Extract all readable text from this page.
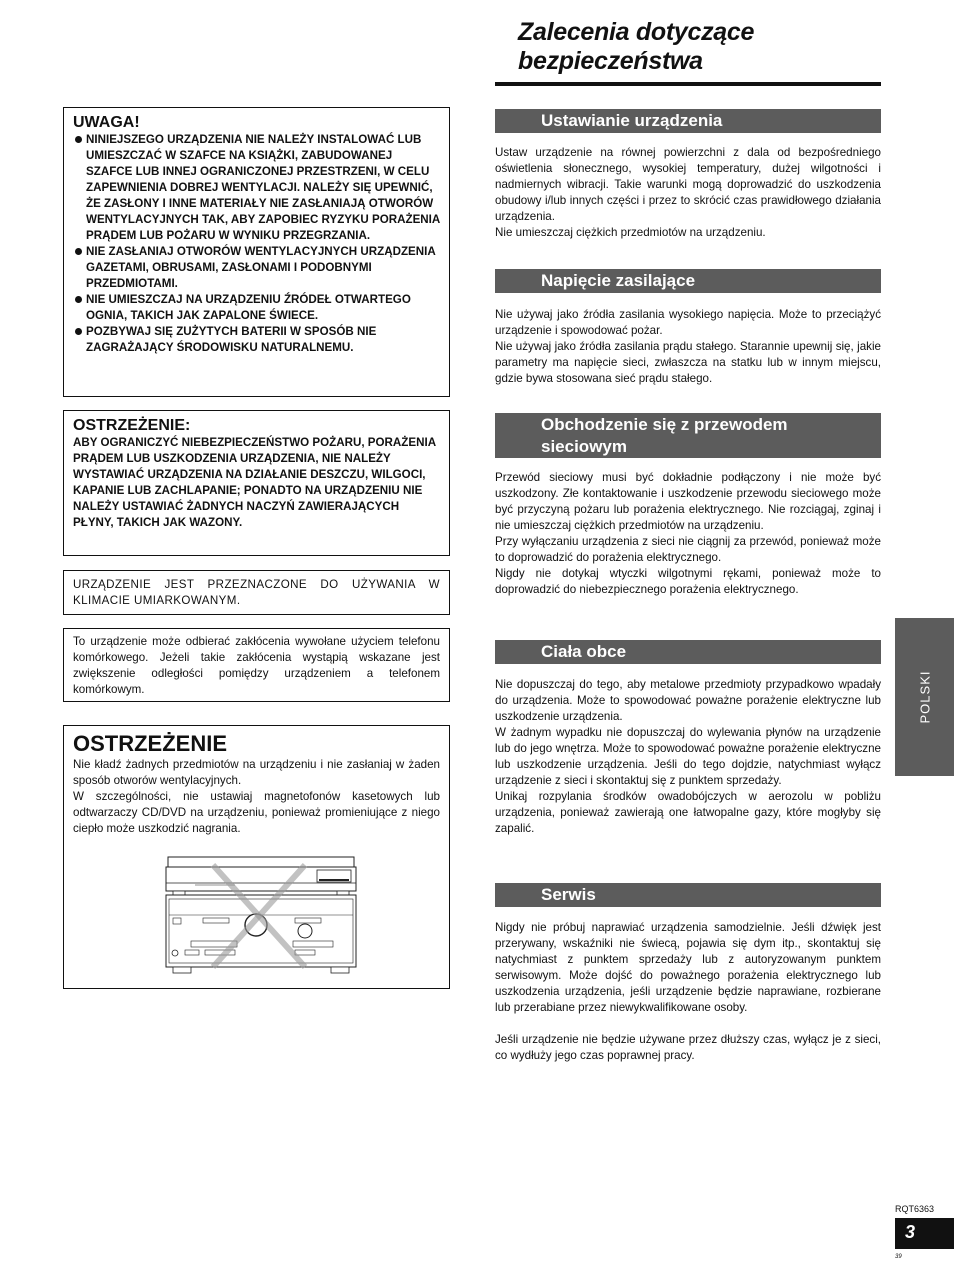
Zalecenia dotyczące bezpieczeństwa
UWAGA!
NINIEJSZEGO URZĄDZENIA NIE NALEŻY INSTALOWAĆ LUB UMIESZCZAĆ W SZAFCE NA KSIĄŻKI, ZABUDOWANEJ SZAFCE LUB INNEJ OGRANICZONEJ PRZESTRZENI, W CELU ZAPEWNIENIA DOBREJ WENTYLACJI. NALEŻY SIĘ UPEWNIĆ, ŻE ZASŁONY I INNE MATERIAŁY NIE ZASŁANIAJĄ OTWORÓW WENTYLACYJNYCH TAK, ABY ZAPOBIEC RYZYKU PORAŻENIA PRĄDEM LUB POŻARU W WYNIKU PRZEGRZANIA.
NIE ZASŁANIAJ OTWORÓW WENTYLACYJNYCH URZĄDZENIA GAZETAMI, OBRUSAMI, ZASŁONAMI I PODOBNYMI PRZEDMIOTAMI.
NIE UMIESZCZAJ NA URZĄDZENIU ŹRÓDEŁ OTWARTEGO OGNIA, TAKICH JAK ZAPALONE ŚWIECE.
POZBYWAJ SIĘ ZUŻYTYCH BATERII W SPOSÓB NIE ZAGRAŻAJĄCY ŚRODOWISKU NATURALNEMU.
OSTRZEŻENIE:
ABY OGRANICZYĆ NIEBEZPIECZEŃSTWO POŻARU, PORAŻENIA PRĄDEM LUB USZKODZENIA URZĄDZENIA, NIE NALEŻY WYSTAWIAĆ URZĄDZENIA NA DZIAŁANIE DESZCZU, WILGOCI, KAPANIE LUB ZACHLAPANIE; PONADTO NA URZĄDZENIU NIE NALEŻY USTAWIAĆ ŻADNYCH NACZYŃ ZAWIERAJĄCYCH PŁYNY, TAKICH JAK WAZONY.
URZĄDZENIE JEST PRZEZNACZONE DO UŻYWANIA W KLIMACIE UMIARKOWANYM.
To urządzenie może odbierać zakłócenia wywołane użyciem telefonu komórkowego. Jeżeli takie zakłócenia wystąpią wskazane jest zwiększenie odległości pomiędzy urządzeniem a telefonem komórkowym.
OSTRZEŻENIE

Nie kładź żadnych przedmiotów na urządzeniu i nie zasłaniaj w żaden sposób otworów wentylacyjnych.

W szczególności, nie ustawiaj magnetofonów kasetowych lub odtwarzaczy CD/DVD na urządzeniu, ponieważ promieniujące z niego ciepło może uszkodzić nagrania.

Ustawianie urządzenia

Ustaw urządzenie na równej powierzchni z dala od bezpośredniego oświetlenia słonecznego, wysokiej temperatury, dużej wilgotności i nadmiernych wibracji. Takie warunki mogą doprowadzić do uszkodzenia obudowy i/lub innych części i przez to skrócić czas prawidłowego działania urządzenia.

Nie umieszczaj ciężkich przedmiotów na urządzeniu.

Napięcie zasilające

Nie używaj jako źródła zasilania wysokiego napięcia. Może to przeciążyć urządzenie i spowodować pożar.

Nie używaj jako źródła zasilania prądu stałego. Starannie upewnij się, jakie parametry ma napięcie sieci, zwłaszcza na statku lub w innym miejscu, gdzie bywa stosowana sieć prądu stałego.

Obchodzenie się z przewodem sieciowym

Przewód sieciowy musi być dokładnie podłączony i nie może być uszkodzony. Złe kontaktowanie i uszkodzenie przewodu sieciowego może być przyczyną pożaru lub porażenia elektrycznego. Nie rozciągaj, zginaj i nie umieszczaj ciężkich przedmiotów na urządzeniu.

Przy wyłączaniu urządzenia z sieci nie ciągnij za przewód, ponieważ może to doprowadzić do porażenia elektrycznego.

Nigdy nie dotykaj wtyczki wilgotnymi rękami, ponieważ może to doprowadzić do niebezpiecznego porażenia elektrycznego.

Ciała obce

Nie dopuszczaj do tego, aby metalowe przedmioty przypadkowo wpadały do urządzenia. Może to spowodować poważne porażenie elektryczne lub uszkodzenie urządzenia.

W żadnym wypadku nie dopuszczaj do wylewania płynów na urządzenie lub do jego wnętrza. Może to spowodować poważne porażenie elektryczne lub uszkodzenie urządzenia. Jeśli do tego dojdzie, natychmiast wyłącz urządzenie z sieci i skontaktuj się z punktem sprzedaży.

Unikaj rozpylania środków owadobójczych w aerozolu w pobliżu urządzenia, ponieważ zawierają one łatwopalne gazy, które mogłyby się zapalić.

Serwis

Nigdy nie próbuj naprawiać urządzenia samodzielnie. Jeśli dźwięk jest przerywany, wskaźniki nie świecą, pojawia się dym itp., skontaktuj się natychmiast z punktem sprzedaży lub z autoryzowanym punktem serwisowym. Może dojść do poważnego porażenia elektrycznego lub uszkodzenia urządzenia, jeśli urządzenie będzie naprawiane, rozbierane lub przerabiane przez niewykwalifikowane osoby.

Jeśli urządzenie nie będzie używane przez dłuższy czas, wyłącz je z sieci, co wydłuży jego czas poprawnej pracy.

POLSKI
RQT6363
3
39
